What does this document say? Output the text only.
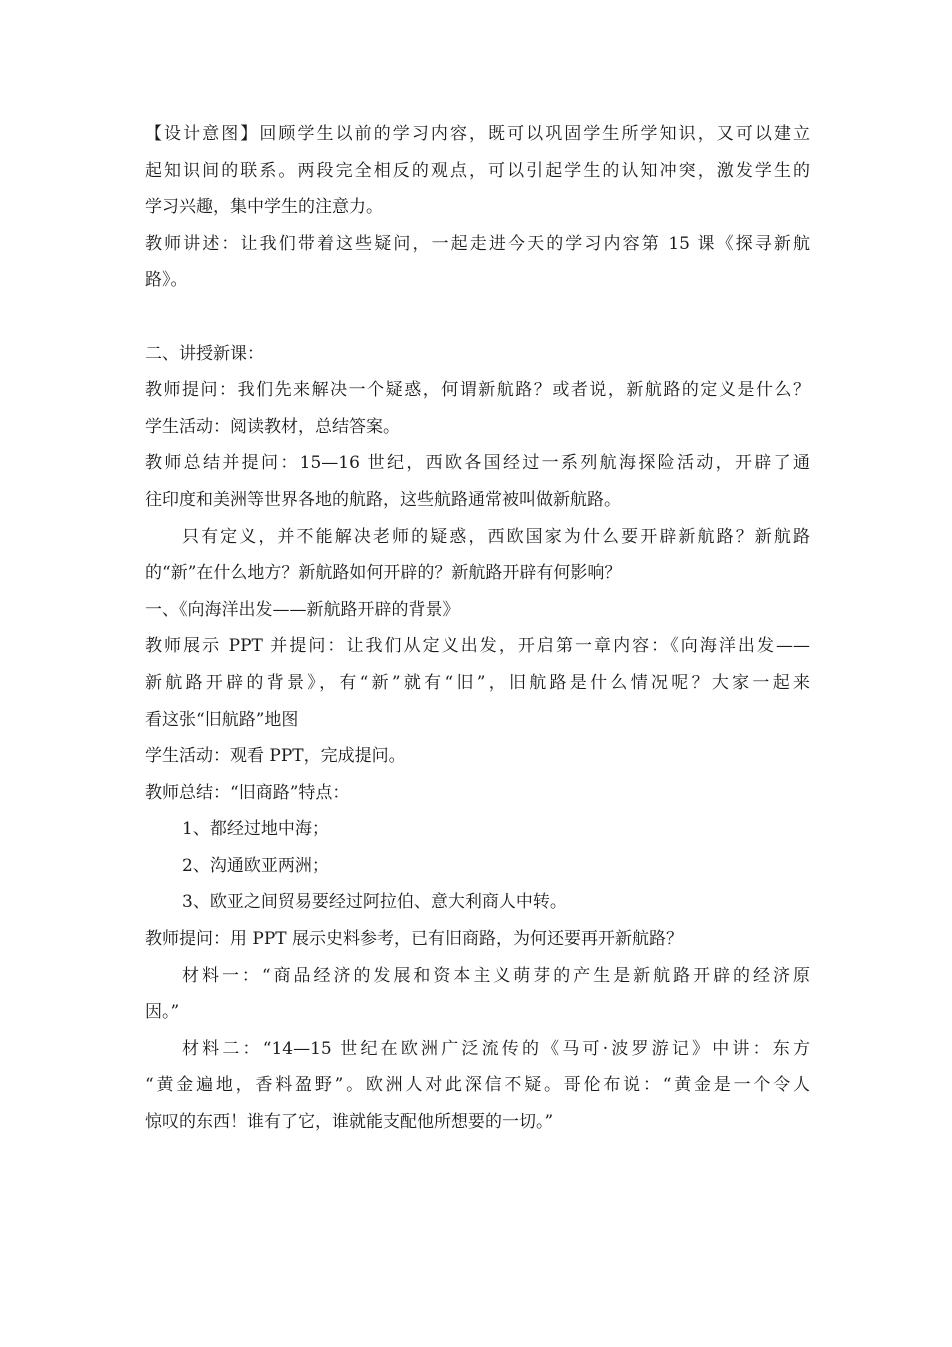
【设计意图】回顾学生以前的学习内容，既可以巩固学生所学知识，又可以建立
起知识间的联系。两段完全相反的观点，可以引起学生的认知冲突，激发学生的
学习兴趣，集中学生的注意力。
教师讲述：让我们带着这些疑问，一起走进今天的学习内容第 15 课《探寻新航
路》。
二、讲授新课：
教师提问：我们先来解决一个疑惑，何谓新航路？或者说，新航路的定义是什么？
学生活动：阅读教材，总结答案。
教师总结并提问：15—16 世纪，西欧各国经过一系列航海探险活动，开辟了通
往印度和美洲等世界各地的航路，这些航路通常被叫做新航路。
只有定义，并不能解决老师的疑惑，西欧国家为什么要开辟新航路？新航路
的“新”在什么地方？新航路如何开辟的？新航路开辟有何影响？
一、《向海洋出发——新航路开辟的背景》
教师展示 PPT 并提问：让我们从定义出发，开启第一章内容：《向海洋出发——
新航路开辟的背景》，有“新”就有“旧”，旧航路是什么情况呢？大家一起来
看这张“旧航路”地图
学生活动：观看 PPT，完成提问。
教师总结：“旧商路”特点：
1、都经过地中海；
2、沟通欧亚两洲；
3、欧亚之间贸易要经过阿拉伯、意大利商人中转。
教师提问：用 PPT 展示史料参考，已有旧商路，为何还要再开新航路？
材料一：“商品经济的发展和资本主义萌芽的产生是新航路开辟的经济原
因。”
材料二：“14—15 世纪在欧洲广泛流传的《马可·波罗游记》中讲：东方
“黄金遍地，香料盈野”。欧洲人对此深信不疑。哥伦布说：“黄金是一个令人
惊叹的东西！谁有了它，谁就能支配他所想要的一切。”
